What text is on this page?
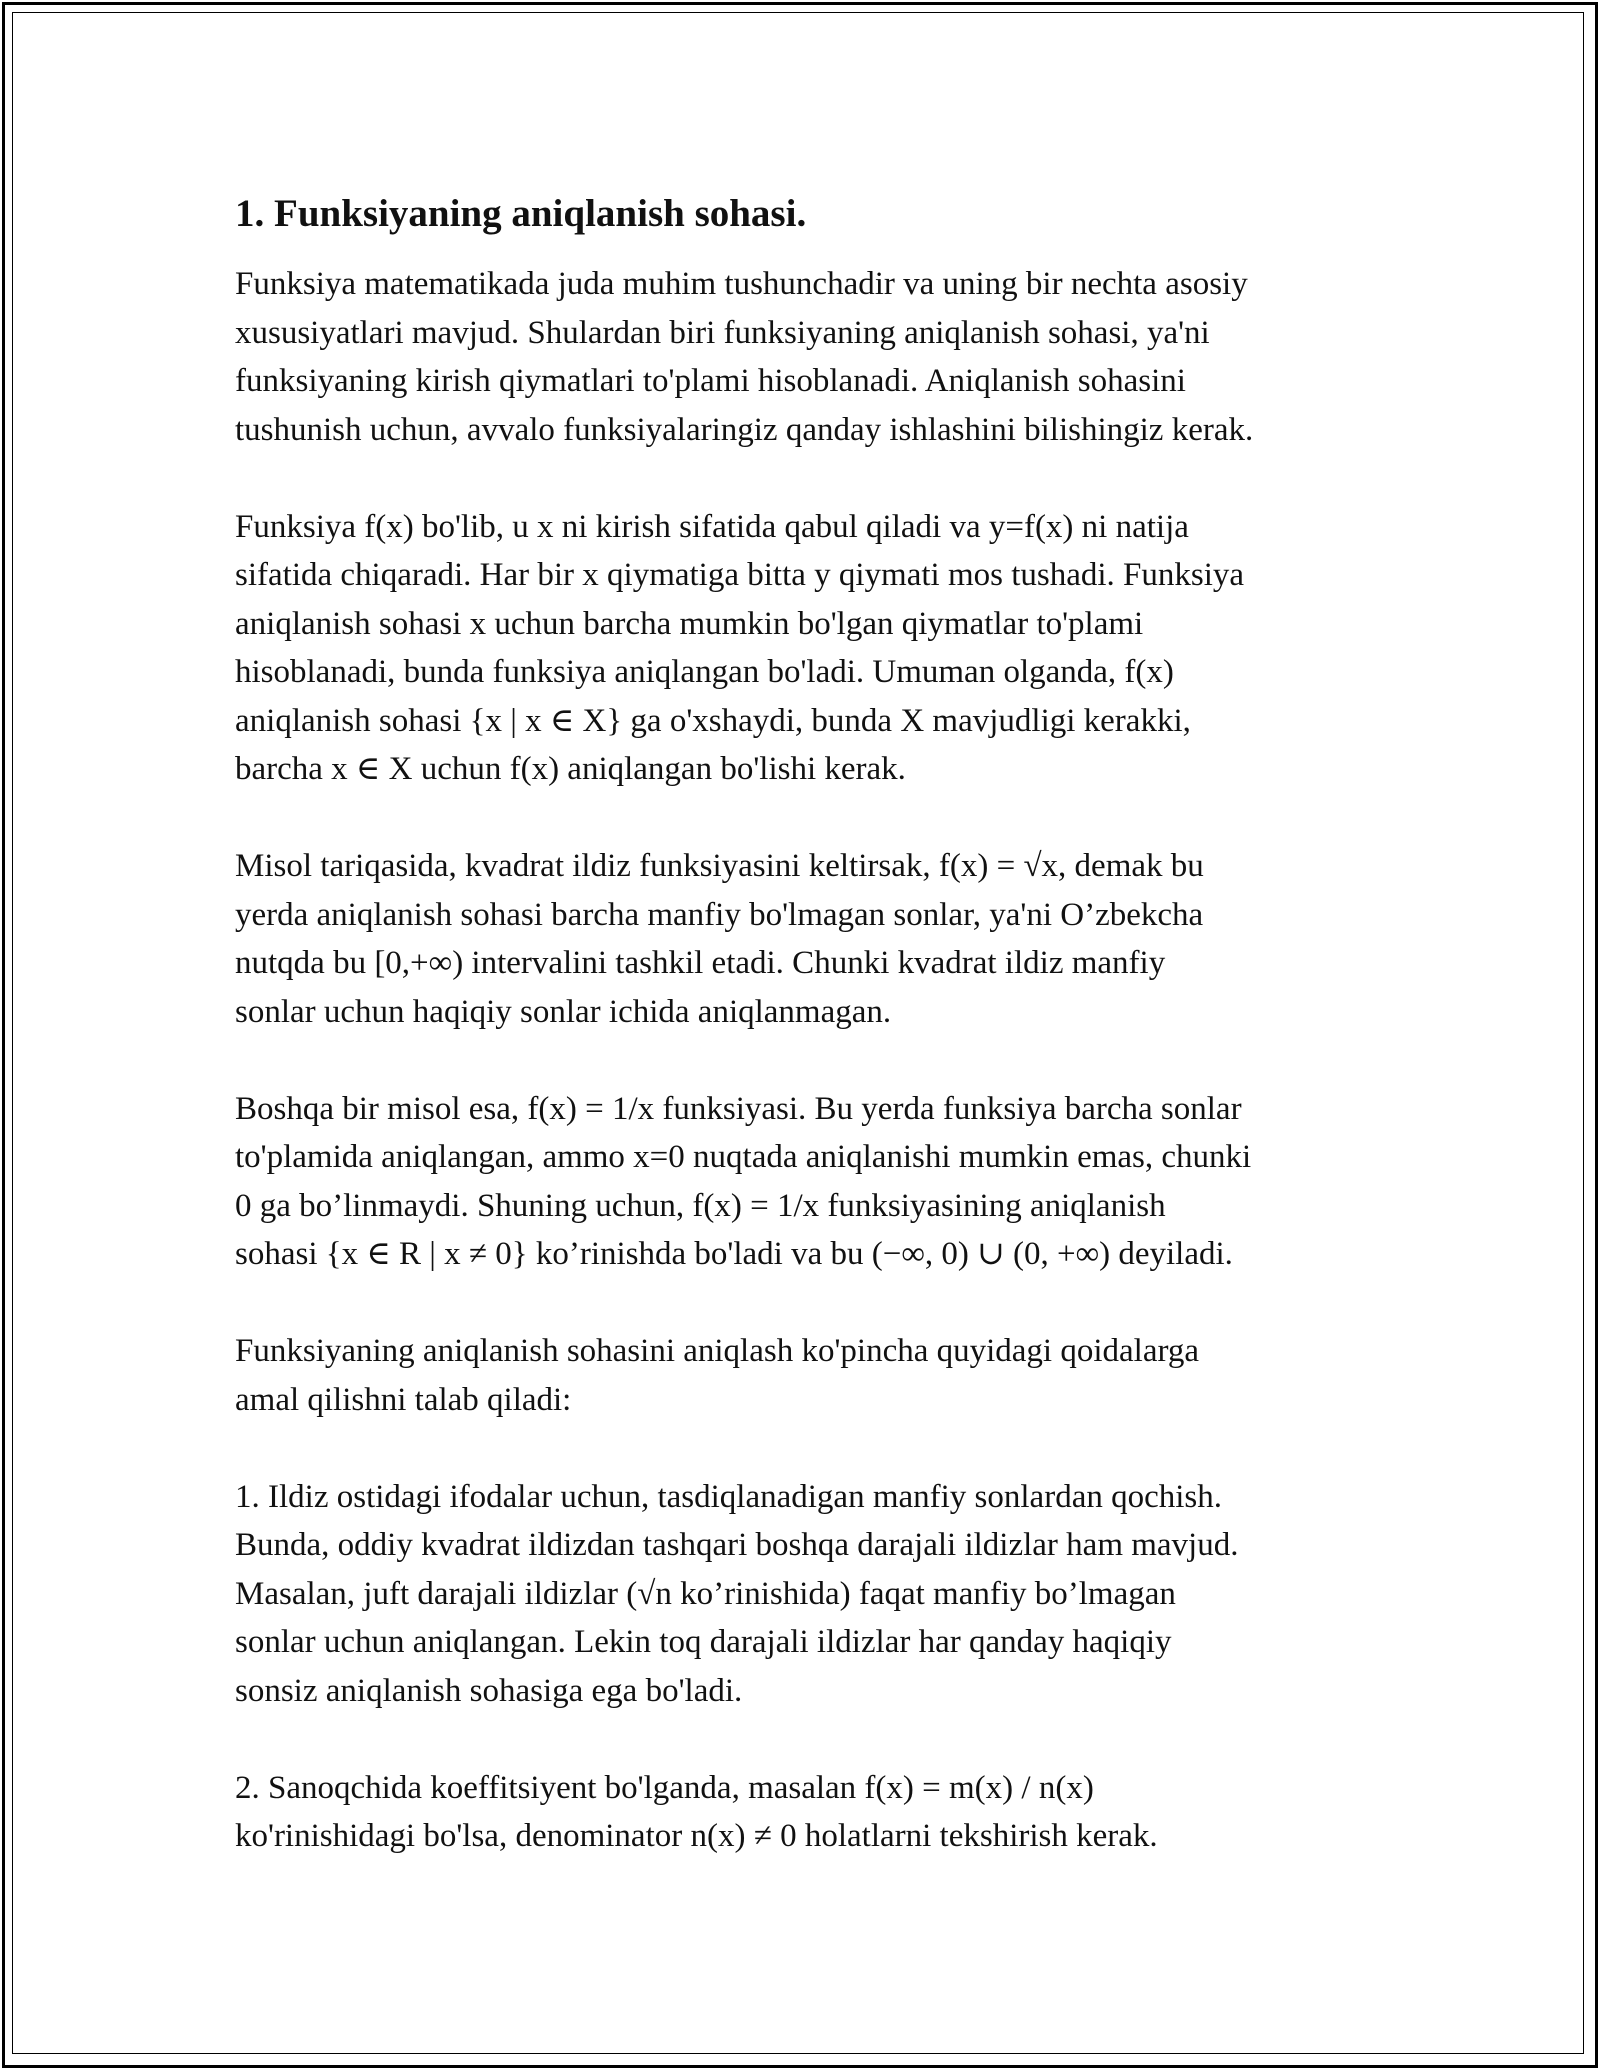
1. Funksiyaning aniqlanish sohasi.

Funksiya matematikada juda muhim tushunchadir va uning bir nechta asosiy
xususiyatlari mavjud. Shulardan biri funksiyaning aniqlanish sohasi, ya'ni
funksiyaning kirish qiymatlari to'plami hisoblanadi. Aniqlanish sohasini
tushunish uchun, avvalo funksiyalaringiz qanday ishlashini bilishingiz kerak.

Funksiya f(x) bo'lib, u x ni kirish sifatida qabul qiladi va y=f(x) ni natija
sifatida chiqaradi. Har bir x qiymatiga bitta y qiymati mos tushadi. Funksiya
aniqlanish sohasi x uchun barcha mumkin bo'lgan qiymatlar to'plami
hisoblanadi, bunda funksiya aniqlangan bo'ladi. Umuman olganda, f(x)
aniqlanish sohasi {x | x ∈ X} ga o'xshaydi, bunda X mavjudligi kerakki,
barcha x ∈ X uchun f(x) aniqlangan bo'lishi kerak.

Misol tariqasida, kvadrat ildiz funksiyasini keltirsak, f(x) = √x, demak bu
yerda aniqlanish sohasi barcha manfiy bo'lmagan sonlar, ya'ni O’zbekcha
nutqda bu [0,+∞) intervalini tashkil etadi. Chunki kvadrat ildiz manfiy
sonlar uchun haqiqiy sonlar ichida aniqlanmagan.

Boshqa bir misol esa, f(x) = 1/x funksiyasi. Bu yerda funksiya barcha sonlar
to'plamida aniqlangan, ammo x=0 nuqtada aniqlanishi mumkin emas, chunki
0 ga bo’linmaydi. Shuning uchun, f(x) = 1/x funksiyasining aniqlanish
sohasi {x ∈ R | x ≠ 0} ko’rinishda bo'ladi va bu (−∞, 0) ∪ (0, +∞) deyiladi.

Funksiyaning aniqlanish sohasini aniqlash ko'pincha quyidagi qoidalarga
amal qilishni talab qiladi:

1. Ildiz ostidagi ifodalar uchun, tasdiqlanadigan manfiy sonlardan qochish.
Bunda, oddiy kvadrat ildizdan tashqari boshqa darajali ildizlar ham mavjud.
Masalan, juft darajali ildizlar (√n ko’rinishida) faqat manfiy bo’lmagan
sonlar uchun aniqlangan. Lekin toq darajali ildizlar har qanday haqiqiy
sonsiz aniqlanish sohasiga ega bo'ladi.

2. Sanoqchida koeffitsiyent bo'lganda, masalan f(x) = m(x) / n(x)
ko'rinishidagi bo'lsa, denominator n(x) ≠ 0 holatlarni tekshirish kerak.
